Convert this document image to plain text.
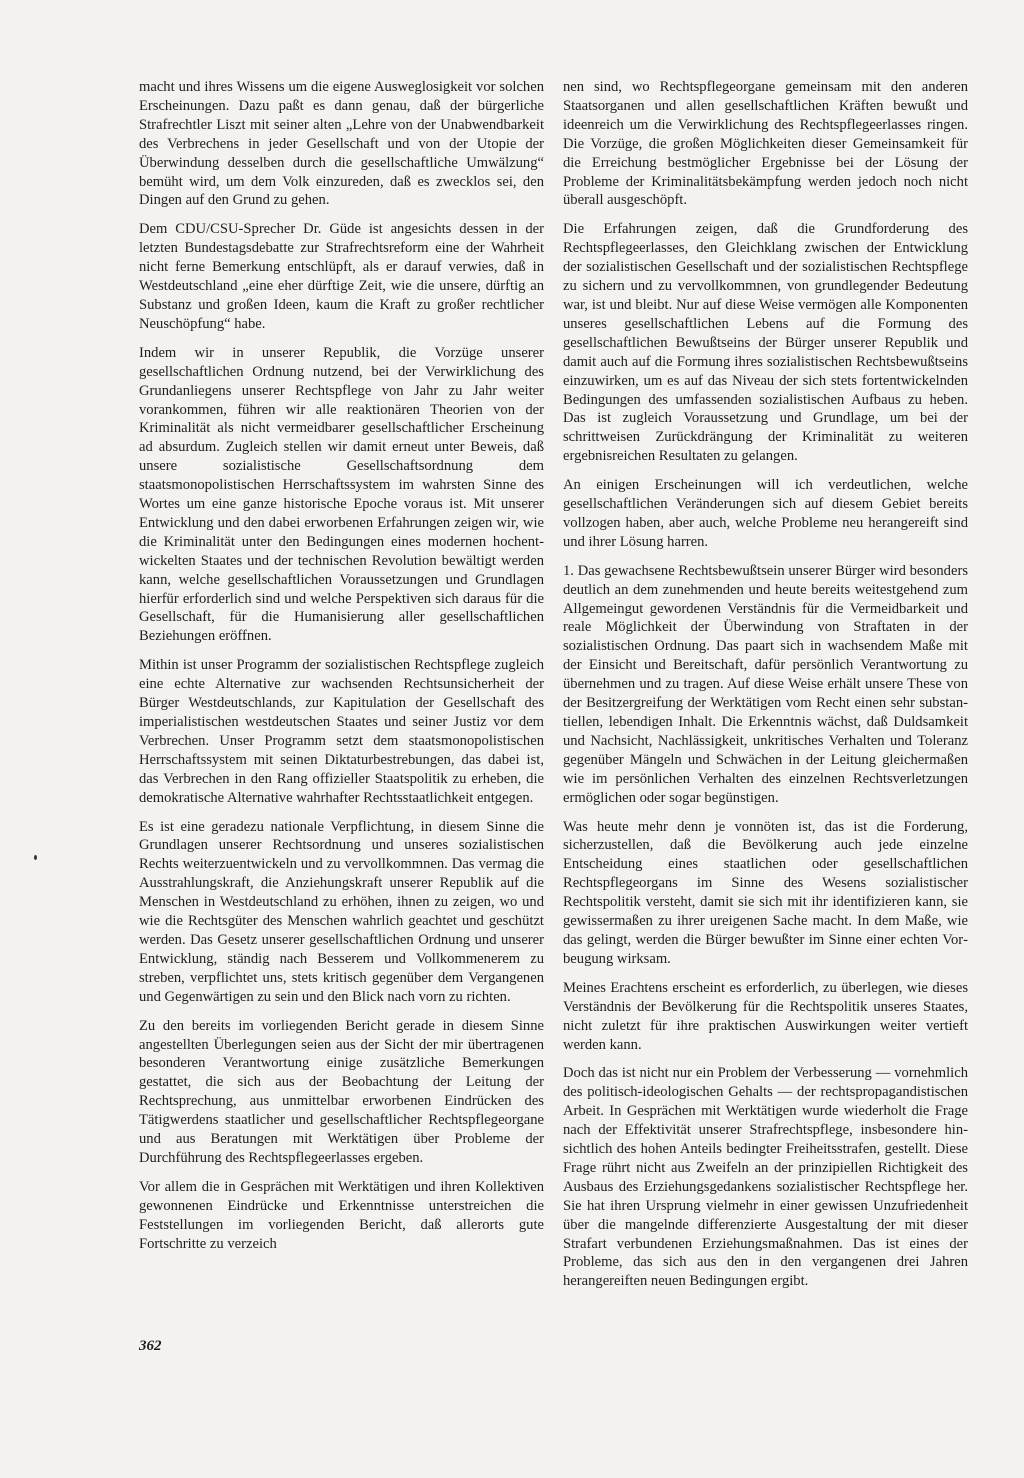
macht und ihres Wissens um die eigene Ausweglosigkeit vor solchen Erscheinungen. Dazu paßt es dann genau, daß der bürgerliche Strafrechtler Liszt mit seiner alten „Lehre von der Unabwendbarkeit des Verbrechens in jeder Gesellschaft und von der Utopie der Überwindung desselben durch die gesellschaftliche Umwälzung“ bemüht wird, um dem Volk einzureden, daß es zwecklos sei, den Dingen auf den Grund zu gehen.

Dem CDU/CSU-Sprecher Dr. Güde ist angesichts dessen in der letzten Bundestagsdebatte zur Strafrechtsreform eine der Wahrheit nicht ferne Bemerkung entschlüpft, als er darauf verwies, daß in Westdeutschland „eine eher dürftige Zeit, wie die unsere, dürftig an Substanz und großen Ideen, kaum die Kraft zu großer rechtlicher Neuschöpfung“ habe.

Indem wir in unserer Republik, die Vorzüge unserer gesellschaftlichen Ordnung nutzend, bei der Verwirklichung des Grundanliegens unserer Rechtspflege von Jahr zu Jahr weiter vorankommen, führen wir alle reaktionären Theorien von der Kriminalität als nicht vermeidbarer gesellschaftlicher Erscheinung ad absurdum. Zugleich stellen wir damit erneut unter Beweis, daß unsere sozialistische Gesellschaftsordnung dem staatsmonopolistischen Herrschaftssystem im wahrsten Sinne des Wortes um eine ganze historische Epoche voraus ist. Mit unserer Entwicklung und den dabei erworbenen Erfahrungen zeigen wir, wie die Kriminalität unter den Bedingungen eines modernen hochentwickelten Staates und der technischen Revolution bewältigt werden kann, welche gesellschaftlichen Voraussetzungen und Grundlagen hierfür erforderlich sind und welche Perspektiven sich daraus für die Gesellschaft, für die Humanisierung aller gesellschaftlichen Beziehungen eröffnen.

Mithin ist unser Programm der sozialistischen Rechtspflege zugleich eine echte Alternative zur wachsenden Rechtsunsicherheit der Bürger Westdeutschlands, zur Kapitulation der Gesellschaft des imperialistischen westdeutschen Staates und seiner Justiz vor dem Verbrechen. Unser Programm setzt dem staatsmonopolistischen Herrschaftssystem mit seinen Diktaturbestrebungen, das dabei ist, das Verbrechen in den Rang offizieller Staatspolitik zu erheben, die demokratische Alternative wahrhafter Rechtsstaatlichkeit entgegen.

Es ist eine geradezu nationale Verpflichtung, in diesem Sinne die Grundlagen unserer Rechtsordnung und unseres sozialistischen Rechts weiterzuentwickeln und zu vervollkommnen. Das vermag die Ausstrahlungskraft, die Anziehungskraft unserer Republik auf die Menschen in Westdeutschland zu erhöhen, ihnen zu zeigen, wo und wie die Rechtsgüter des Menschen wahrlich geachtet und geschützt werden. Das Gesetz unserer gesellschaftlichen Ordnung und unserer Entwicklung, ständig nach Besserem und Vollkommenerem zu streben, verpflichtet uns, stets kritisch gegenüber dem Vergangenen und Gegenwärtigen zu sein und den Blick nach vorn zu richten.

Zu den bereits im vorliegenden Bericht gerade in diesem Sinne angestellten Überlegungen seien aus der Sicht der mir übertragenen besonderen Verantwortung einige zusätzliche Bemerkungen gestattet, die sich aus der Beobachtung der Leitung der Rechtsprechung, aus unmittelbar erworbenen Eindrücken des Tätigwerdens staatlicher und gesellschaftlicher Rechtspflegeorgane und aus Beratungen mit Werktätigen über Probleme der Durchführung des Rechtspflegeerlasses ergeben.

Vor allem die in Gesprächen mit Werktätigen und ihren Kollektiven gewonnenen Eindrücke und Erkenntnisse unterstreichen die Feststellungen im vorliegenden Bericht, daß allerorts gute Fortschritte zu verzeich

nen sind, wo Rechtspflegeorgane gemeinsam mit den anderen Staatsorganen und allen gesellschaftlichen Kräften bewußt und ideenreich um die Verwirklichung des Rechtspflegeerlasses ringen. Die Vorzüge, die großen Möglichkeiten dieser Gemeinsamkeit für die Erreichung bestmöglicher Ergebnisse bei der Lösung der Probleme der Kriminalitätsbekämpfung werden jedoch noch nicht überall ausgeschöpft.

Die Erfahrungen zeigen, daß die Grundforderung des Rechtspflegeerlasses, den Gleichklang zwischen der Entwicklung der sozialistischen Gesellschaft und der sozialistischen Rechtspflege zu sichern und zu vervollkommnen, von grundlegender Bedeutung war, ist und bleibt. Nur auf diese Weise vermögen alle Komponenten unseres gesellschaftlichen Lebens auf die Formung des gesellschaftlichen Bewußtseins der Bürger unserer Republik und damit auch auf die Formung ihres sozialistischen Rechtsbewußtseins einzuwirken, um es auf das Niveau der sich stets fortentwickelnden Bedingungen des umfassenden sozialistischen Aufbaus zu heben. Das ist zugleich Voraussetzung und Grundlage, um bei der schrittweisen Zurückdrängung der Kriminalität zu weiteren ergebnisreichen Resultaten zu gelangen.

An einigen Erscheinungen will ich verdeutlichen, welche gesellschaftlichen Veränderungen sich auf diesem Gebiet bereits vollzogen haben, aber auch, welche Probleme neu herangereift sind und ihrer Lösung harren.

1. Das gewachsene Rechtsbewußtsein unserer Bürger wird besonders deutlich an dem zunehmenden und heute bereits weitestgehend zum Allgemeingut gewordenen Verständnis für die Vermeidbarkeit und reale Möglichkeit der Überwindung von Straftaten in der sozialistischen Ordnung. Das paart sich in wachsendem Maße mit der Einsicht und Bereitschaft, dafür persönlich Verantwortung zu übernehmen und zu tragen. Auf diese Weise erhält unsere These von der Besitzergreifung der Werktätigen vom Recht einen sehr substantiellen, lebendigen Inhalt. Die Erkenntnis wächst, daß Duldsamkeit und Nachsicht, Nachlässigkeit, unkritisches Verhalten und Toleranz gegenüber Mängeln und Schwächen in der Leitung gleichermaßen wie im persönlichen Verhalten des einzelnen Rechtsverletzungen ermöglichen oder sogar begünstigen.

Was heute mehr denn je vonnöten ist, das ist die Forderung, sicherzustellen, daß die Bevölkerung auch jede einzelne Entscheidung eines staatlichen oder gesellschaftlichen Rechtspflegeorgans im Sinne des Wesens sozialistischer Rechtspolitik versteht, damit sie sich mit ihr identifizieren kann, sie gewissermaßen zu ihrer ureigenen Sache macht. In dem Maße, wie das gelingt, werden die Bürger bewußter im Sinne einer echten Vorbeugung wirksam.

Meines Erachtens erscheint es erforderlich, zu überlegen, wie dieses Verständnis der Bevölkerung für die Rechtspolitik unseres Staates, nicht zuletzt für ihre praktischen Auswirkungen weiter vertieft werden kann.

Doch das ist nicht nur ein Problem der Verbesserung — vornehmlich des politisch-ideologischen Gehalts — der rechtspropagandistischen Arbeit. In Gesprächen mit Werktätigen wurde wiederholt die Frage nach der Effektivität unserer Strafrechtspflege, insbesondere hinsichtlich des hohen Anteils bedingter Freiheitsstrafen, gestellt. Diese Frage rührt nicht aus Zweifeln an der prinzipiellen Richtigkeit des Ausbaus des Erziehungsgedankens sozialistischer Rechtspflege her. Sie hat ihren Ursprung vielmehr in einer gewissen Unzufriedenheit über die mangelnde differenzierte Ausgestaltung der mit dieser Strafart verbundenen Erziehungsmaßnahmen. Das ist eines der Probleme, das sich aus den in den vergangenen drei Jahren herangereiften neuen Bedingungen ergibt.

362
